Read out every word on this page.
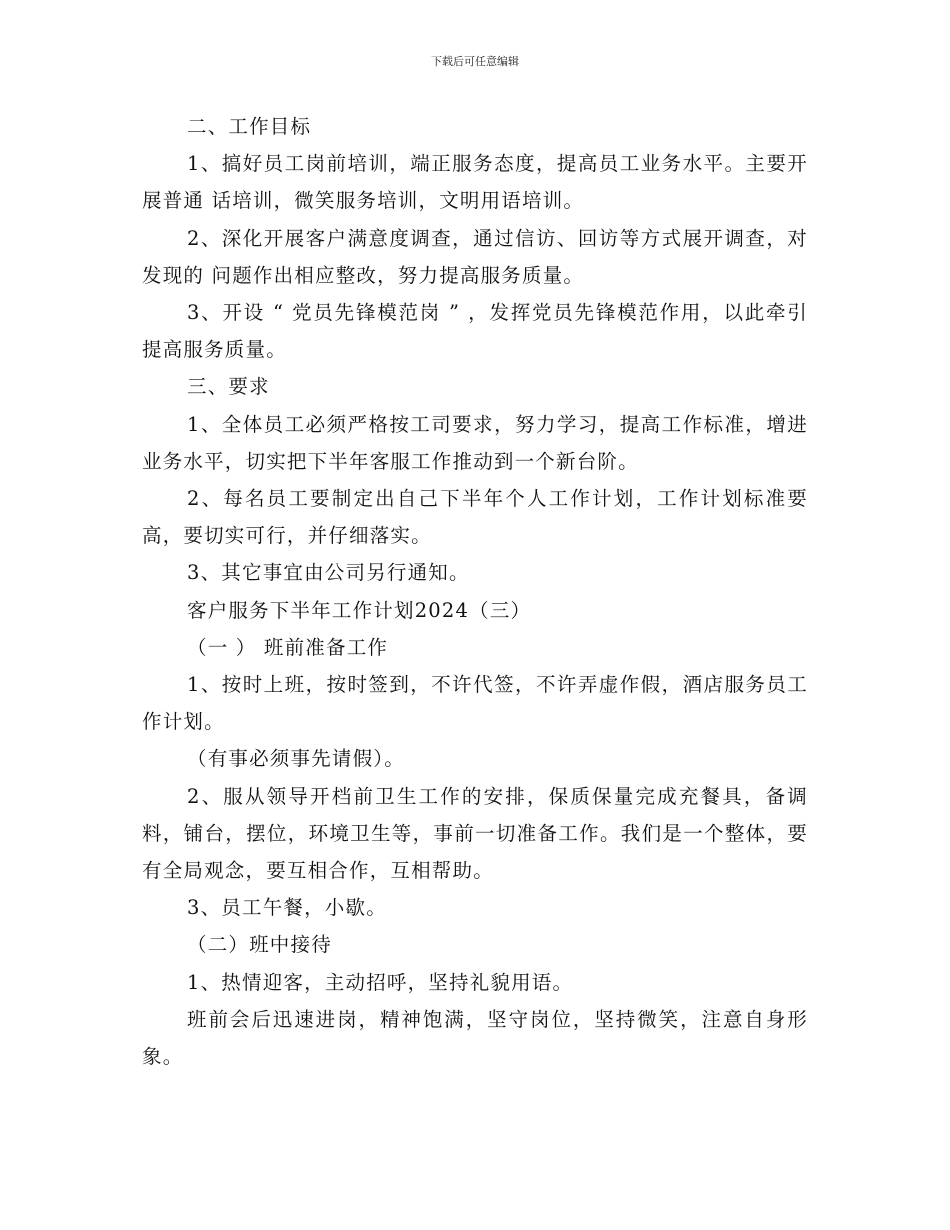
下载后可任意编辑

二、工作目标

1、搞好员工岗前培训，端正服务态度，提高员工业务水平。主要开展普通 话培训，微笑服务培训，文明用语培训。

2、深化开展客户满意度调查，通过信访、回访等方式展开调查，对发现的 问题作出相应整改，努力提高服务质量。

3、开设 “ 党员先锋模范岗 ” ，发挥党员先锋模范作用，以此牵引提高服务质量。

三、要求

1、全体员工必须严格按工司要求，努力学习，提高工作标准，增进业务水平，切实把下半年客服工作推动到一个新台阶。

2、每名员工要制定出自己下半年个人工作计划，工作计划标准要高，要切实可行，并仔细落实。

3、其它事宜由公司另行通知。

客户服务下半年工作计划2024（三）

（一 ） 班前准备工作

1、按时上班，按时签到，不许代签，不许弄虚作假，酒店服务员工作计划。

（有事必须事先请假）。

2、服从领导开档前卫生工作的安排，保质保量完成充餐具，备调料，铺台，摆位，环境卫生等，事前一切准备工作。我们是一个整体，要有全局观念，要互相合作，互相帮助。

3、员工午餐，小歇。

（二）班中接待

1、热情迎客，主动招呼，坚持礼貌用语。

班前会后迅速进岗，精神饱满，坚守岗位，坚持微笑，注意自身形象。
